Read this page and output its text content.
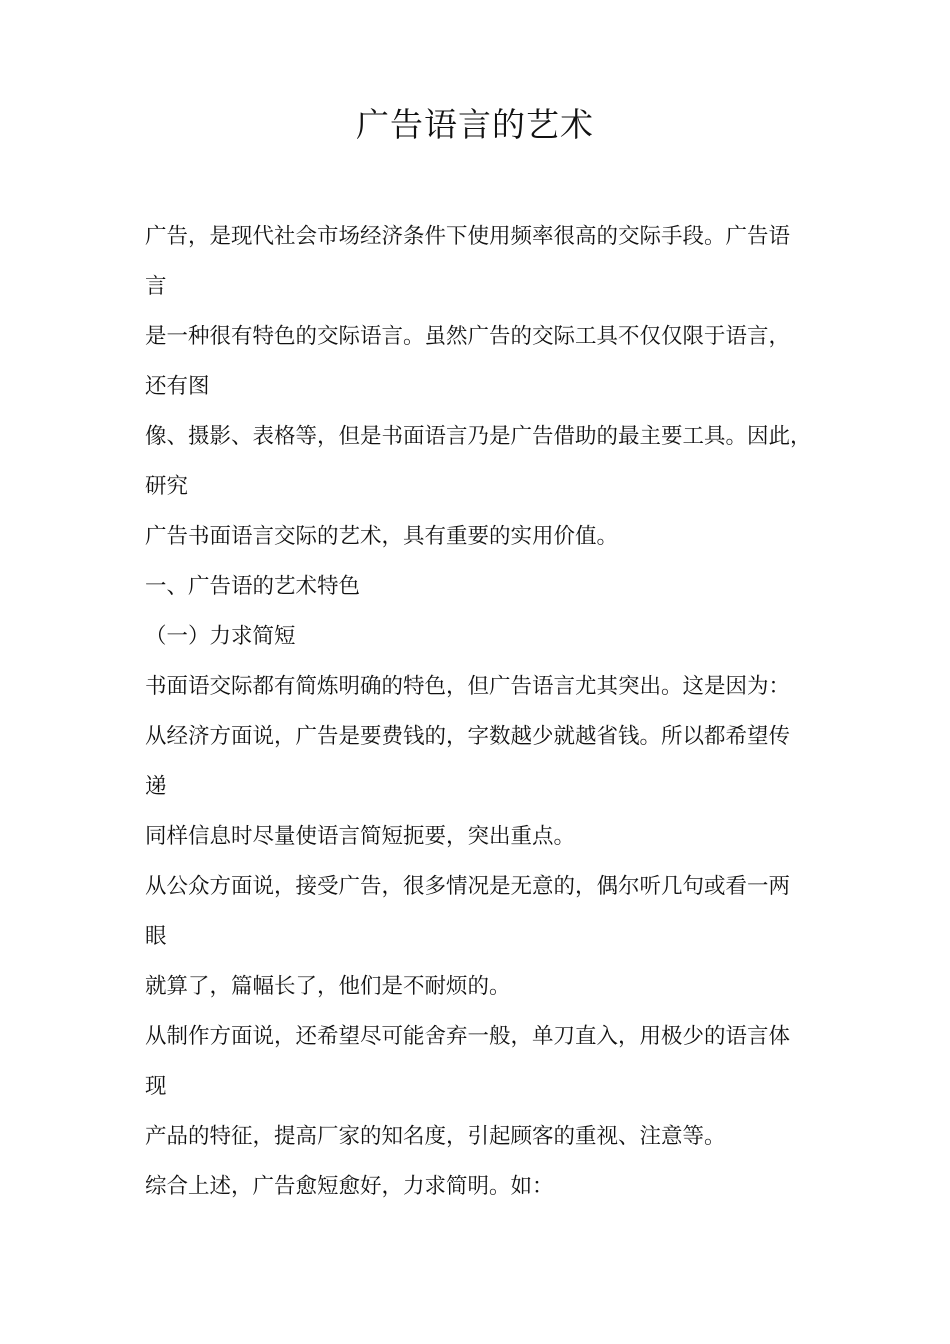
广告语言的艺术
广告，是现代社会市场经济条件下使用频率很高的交际手段。广告语
言
是一种很有特色的交际语言。虽然广告的交际工具不仅仅限于语言，
还有图
像、摄影、表格等，但是书面语言乃是广告借助的最主要工具。因此，
研究
广告书面语言交际的艺术，具有重要的实用价值。
一、广告语的艺术特色
（一）力求简短
书面语交际都有简炼明确的特色，但广告语言尤其突出。这是因为：
从经济方面说，广告是要费钱的，字数越少就越省钱。所以都希望传
递
同样信息时尽量使语言简短扼要，突出重点。
从公众方面说，接受广告，很多情况是无意的，偶尔听几句或看一两
眼
就算了，篇幅长了，他们是不耐烦的。
从制作方面说，还希望尽可能舍弃一般，单刀直入，用极少的语言体
现
产品的特征，提高厂家的知名度，引起顾客的重视、注意等。
综合上述，广告愈短愈好，力求简明。如：
